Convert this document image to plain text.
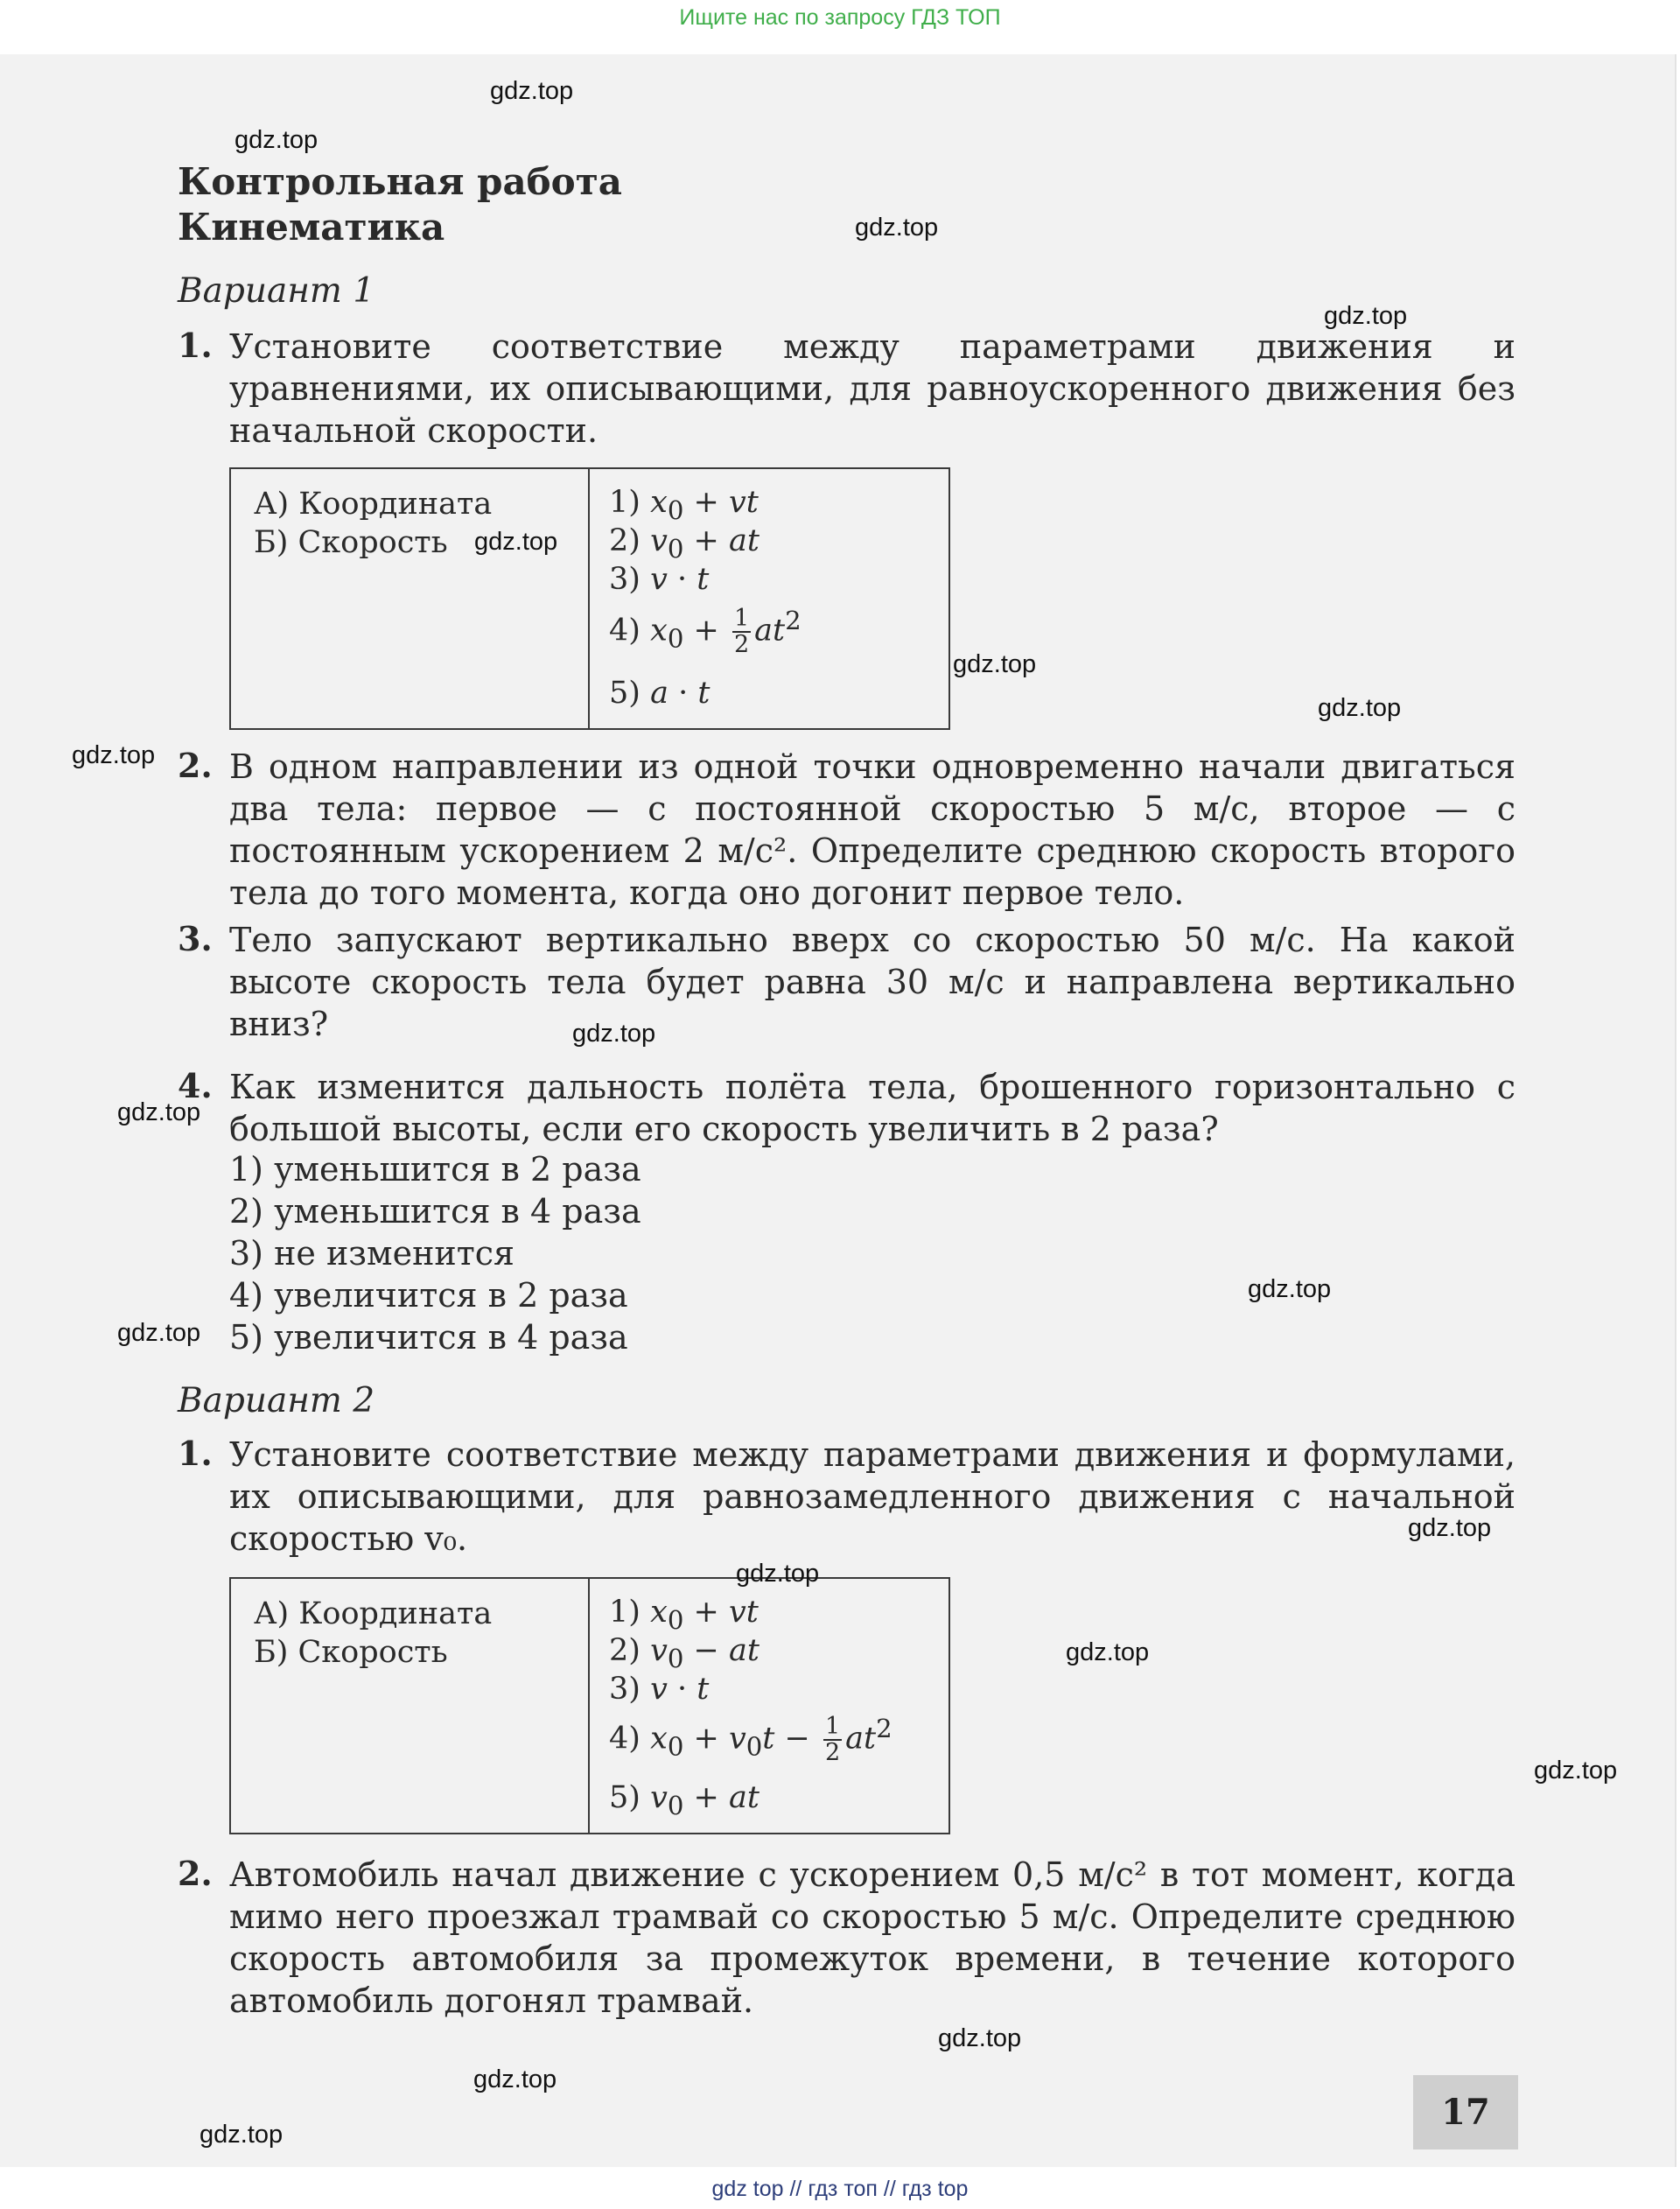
Ищите нас по запросу ГДЗ ТОП
Контрольная работа
Кинематика
Вариант 1
1. Установите соответствие между параметрами движения и уравнениями, их описывающими, для равноускоренного движения без начальной скорости.
А) Координата
Б) Скорость
1) $x_0$ + vt
2) $v_0$ + at
3) v · t
4) $x_0 + \frac{1}{2} at^2$
5) a · t
2. В одном направлении из одной точки одновременно начали двигаться два тела: первое — с постоянной скоростью 5 м/с, второе — с постоянным ускорением 2 м/с². Определите среднюю скорость второго тела до того момента, когда оно догонит первое тело.
3. Тело запускают вертикально вверх со скоростью 50 м/с. На какой высоте скорость тела будет равна 30 м/с и направлена вертикально вниз?
4. Как изменится дальность полёта тела, брошенного горизонтально с большой высоты, если его скорость увеличить в 2 раза?
1) уменьшится в 2 раза
2) уменьшится в 4 раза
3) не изменится
4) увеличится в 2 раза
5) увеличится в 4 раза
Вариант 2
1. Установите соответствие между параметрами движения и формулами, их описывающими, для равнозамедленного движения с начальной скоростью v₀.
А) Координата
Б) Скорость
1) $x_0$ + vt
2) $v_0$ − at
3) v · t
4) $x_0 + v_0t - \frac{1}{2} at^2$
5) $v_0$ + at
2. Автомобиль начал движение с ускорением 0,5 м/с² в тот момент, когда мимо него проезжал трамвай со скоростью 5 м/с. Определите среднюю скорость автомобиля за промежуток времени, в течение которого автомобиль догонял трамвай.
17
gdz.top
gdz.top
gdz.top
gdz.top
gdz.top
gdz.top
gdz.top
gdz.top
gdz.top
gdz.top
gdz.top
gdz.top
gdz.top
gdz.top
gdz.top
gdz.top
gdz.top
gdz.top
gdz.top
gdz top // гдз топ // гдз top
